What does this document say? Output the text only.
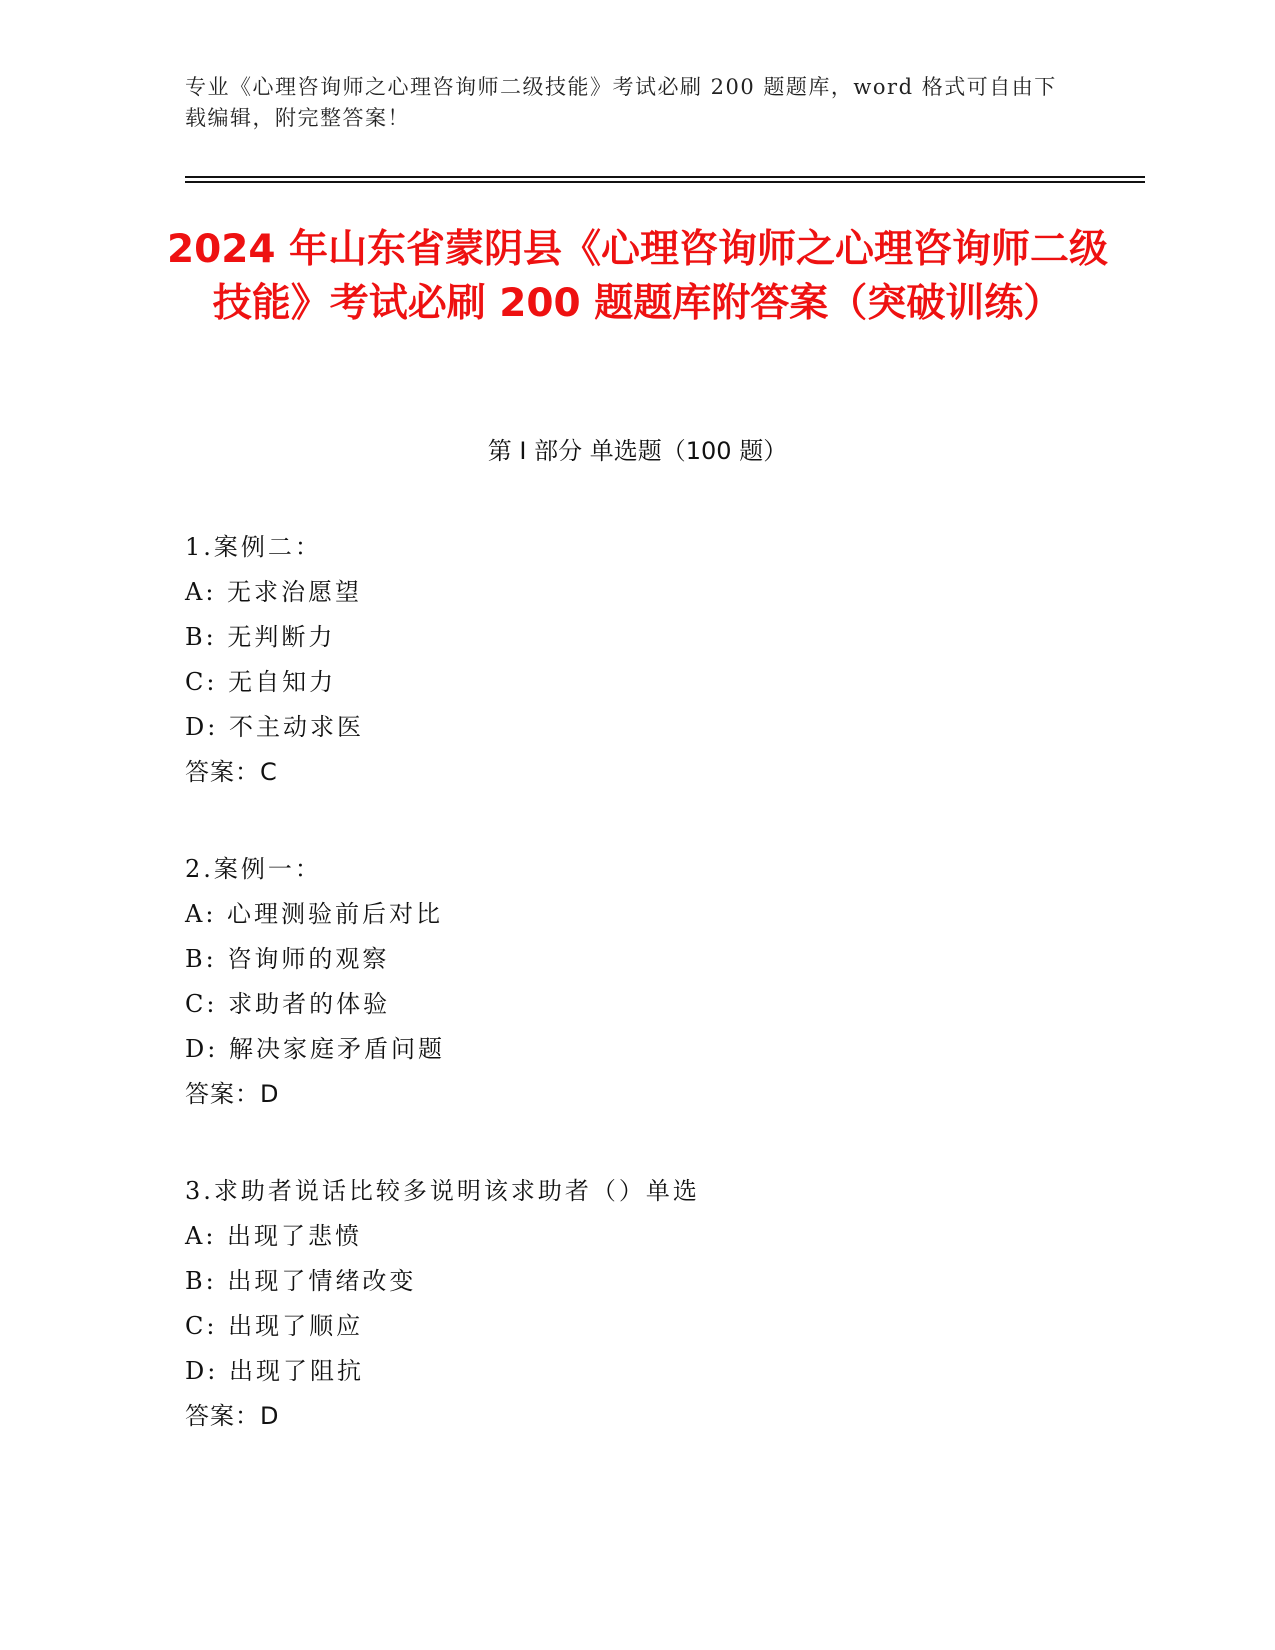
专业《心理咨询师之心理咨询师二级技能》考试必刷 200 题题库，word 格式可自由下载编辑，附完整答案！
2024 年山东省蒙阴县《心理咨询师之心理咨询师二级技能》考试必刷 200 题题库附答案（突破训练）
第 I 部分 单选题（100 题）
1.案例二：
A: 无求治愿望
B: 无判断力
C: 无自知力
D: 不主动求医
答案：C
2.案例一：
A: 心理测验前后对比
B: 咨询师的观察
C: 求助者的体验
D: 解决家庭矛盾问题
答案：D
3.求助者说话比较多说明该求助者（）单选
A: 出现了悲愤
B: 出现了情绪改变
C: 出现了顺应
D: 出现了阻抗
答案：D
